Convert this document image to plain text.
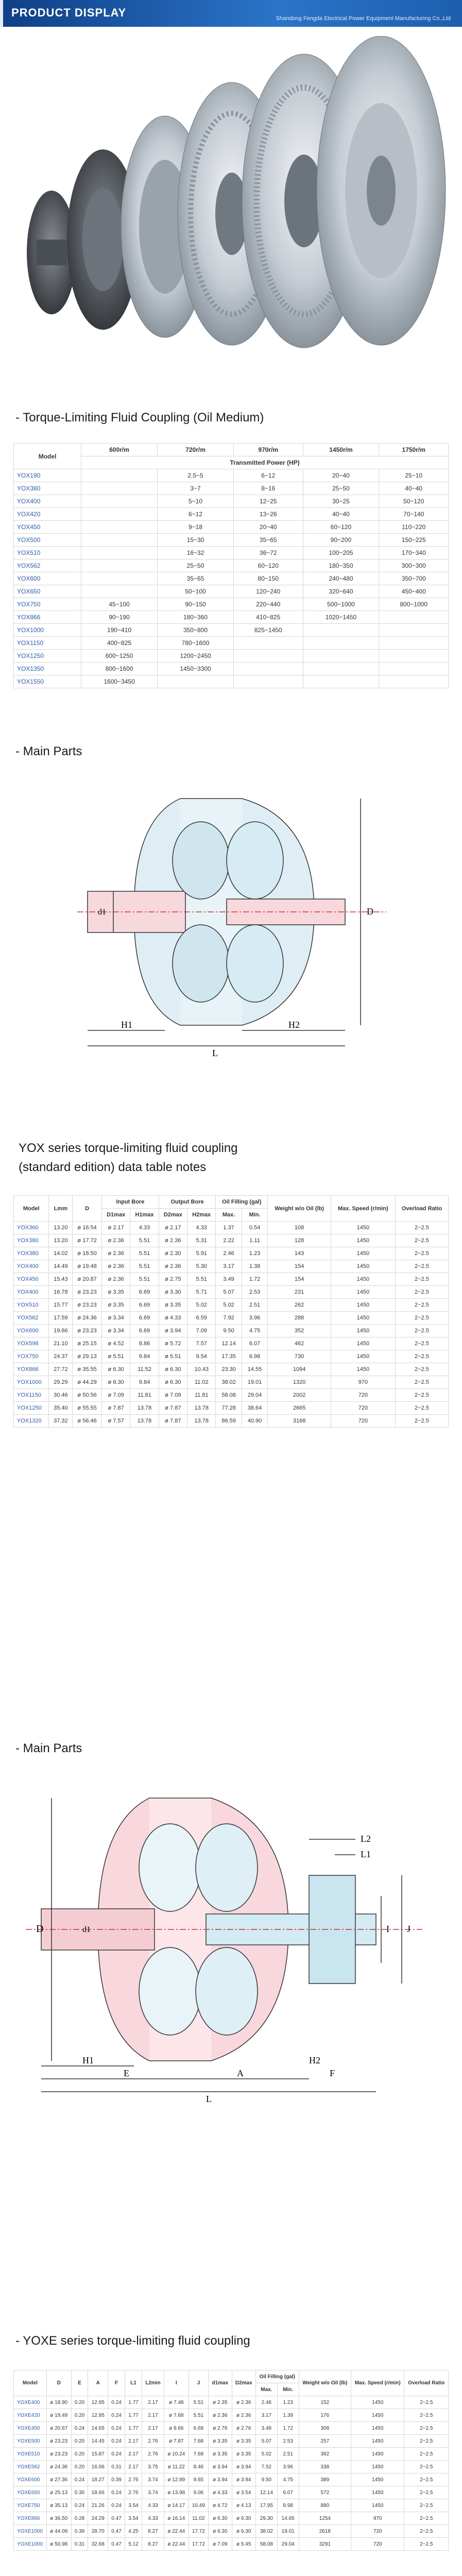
PRODUCT DISPLAY	Shandong Fengda Electrical Power Equipment Manufacturing Co.,Ltd
- Torque-Limiting Fluid Coupling (Oil Medium)
Model	600r/m	720r/m	970r/m	1450r/m	1750r/m
	Transmitted Power (HP)				
YOX190		2.5~5	6~12	20~40	25~10
YOX380		3~7	8~16	25~50	40~40
YOX400		5~10	12~25	30~25	50~120
YOX420		6~12	13~26	40~40	70~140
YOX450		9~18	20~40	60~120	110~220
YOX500		15~30	35~65	90~200	150~225
YOX510		16~32	36~72	100~205	170~340
YOX562		25~50	60~120	180~350	300~300
YOX600		35~65	80~150	240~480	350~700
YOX650		50~100	120~240	320~640	450~400
YOX750	45~100	90~150	220~440	500~1000	800~1000
YOX866	90~190	180~360	410~825	1020~1450	
YOX1000	190~410	350~800	825~1450		
YOX1150	400~825	780~1600			
YOX1250	600~1250	1200~2450			
YOX1350	800~1600	1450~3300			
YOX1550	1600~3450				
- Main Parts
D
d1
H1	H2
L
YOX series torque-limiting fluid coupling
(standard edition) data table notes
Model	Lmm	D	Input Bore		Output Bore		Oil Filling (gal)		Weight w/o Oil (lb)	Max. Speed (r/min)	Overload Ratio
			D1max	H1max	D2max	H2max	Max.	Min.			
YOX360	13.20	ø 16.54	ø 2.17	4.33	ø 2.17	4.33	1.37	0.54	108	1450	2~2.5
YOX380	13.20	ø 17.72	ø 2.36	5.51	ø 2.36	5.31	2.22	1.11	128	1450	2~2.5
YOX380	14.02	ø 18.50	ø 2.36	5.51	ø 2.30	5.91	2.46	1.23	143	1450	2~2.5
YOX400	14.49	ø 19.48	ø 2.36	5.51	ø 2.36	5.30	3.17	1.38	154	1450	2~2.5
YOX450	15.43	ø 20.87	ø 2.36	5.51	ø 2.75	5.51	3.49	1.72	154	1450	2~2.5
YOX400	16.78	ø 23.23	ø 3.35	6.69	ø 3.30	5.71	5.07	2.53	231	1450	2~2.5
YOX510	15.77	ø 23.23	ø 3.35	6.69	ø 3.35	5.02	5.02	2.51	262	1450	2~2.5
YOX562	17.59	ø 24.36	ø 3.34	6.69	ø 4.33	6.59	7.92	3.96	288	1450	2~2.5
YOX600	19.66	ø 23.23	ø 3.34	6.69	ø 3.94	7.09	9.50	4.75	352	1450	2~2.5
YOX598	21.10	ø 25.15	ø 4.52	8.86	ø 5.72	7.57	12.14	6.07	462	1450	2~2.5
YOX750	24.37	ø 29.13	ø 5.51	9.84	ø 5.51	9.54	17.35	6.98	730	1450	2~2.5
YOX866	27.72	ø 35.55	ø 6.30	11.52	ø 6.30	10.43	23.30	14.55	1094	1450	2~2.5
YOX1000	29.29	ø 44.29	ø 6.30	9.84	ø 6.30	11.02	38.02	19.01	1320	970	2~2.5
YOX1150	30.46	ø 50.56	ø 7.09	11.81	ø 7.09	11.81	58.08	29.04	2002	720	2~2.5
YOX1250	35.40	ø 55.55	ø 7.87	13.78	ø 7.87	13.78	77.28	38.64	2665	720	2~2.5
YOX1320	37.32	ø 56.46	ø 7.57	13.78	ø 7.87	13.78	86.59	40.90	3168	720	2~2.5
- Main Parts
D	d1	J
I
H1	H2
L2
L1
E	A
L
F
- YOXE series torque-limiting fluid coupling
Model	D	E	A	F	L1	L2min	I	J	d1max	D2max	Oil Filling (gal)		Weight w/o Oil (lb)	Max. Speed (r/min)	Overload Ratio
											Max.	Min.			
YOXE400	ø 18.90	0.20	12.95	0.24	1.77	2.17	ø 7.48	5.51	ø 2.35	ø 2.36	2.46	1.23	152	1450	2~2.5
YOXE420	ø 19.49	0.20	12.95	0.24	1.77	2.17	ø 7.68	5.51	ø 2.36	ø 2.36	3.17	1.39	176	1450	2~2.5
YOXE450	ø 20.67	0.24	14.65	0.24	1.77	2.17	ø 8.66	6.69	ø 2.76	ø 2.76	3.48	1.72	308	1450	2~2.5
YOXE500	ø 23.23	0.20	14.45	0.24	2.17	2.76	ø 7.87	7.68	ø 3.35	ø 3.35	5.07	2.53	257	1450	2~2.5
YOXE510	ø 23.23	0.20	15.87	0.24	2.17	2.76	ø 10.24	7.68	ø 3.35	ø 3.35	5.02	2.51	392	1450	2~2.5
YOXE562	ø 24.36	0.20	16.06	0.31	2.17	3.75	ø 11.22	8.46	ø 3.94	ø 3.94	7.52	3.96	338	1450	2~2.5
YOXE600	ø 27.36	0.24	18.27	0.39	2.76	3.74	ø 12.99	9.65	ø 3.94	ø 3.94	9.50	4.75	389	1450	2~2.5
YOXE650	ø 25.13	0.30	18.66	0.24	2.76	3.74	ø 13.98	9.06	ø 4.33	ø 3.54	12.14	6.07	572	1450	2~2.5
YOXE750	ø 35.13	0.24	21.26	0.24	3.54	4.33	ø 14.17	10.49	ø 4.72	ø 4.13	17.95	8.98	880	1450	2~2.5
YOXE866	ø 36.50	0.28	24.29	0.47	3.54	4.33	ø 16.14	11.02	ø 6.30	ø 6.30	29.30	14.65	1254	970	2~2.5
YOXE1000	ø 44.09	0.39	28.70	0.47	4.25	8.27	ø 22.44	17.72	ø 6.30	ø 6.30	38.02	19.01	2618	720	2~2.5
YOXE1000	ø 50.98	0.31	32.68	0.47	5.12	8.27	ø 22.44	17.72	ø 7.09	ø 5.45	58.08	29.04	3291	720	2~2.5
